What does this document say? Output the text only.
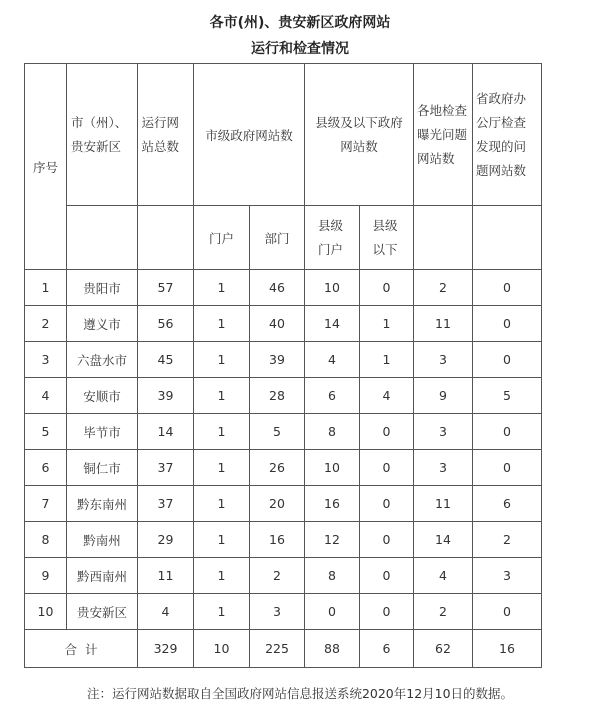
各市(州)、贵安新区政府网站
运行和检查情况
序号	市（州）、贵安新区	运行网站总数	市级政府网站数		县级及以下政府网站数		各地检查曝光问题网站数	省政府办公厅检查发现的问题网站数
			门户	部门	县级门户	县级以下		
1	贵阳市	57	1	46	10	0	2	0
2	遵义市	56	1	40	14	1	11	0
3	六盘水市	45	1	39	4	1	3	0
4	安顺市	39	1	28	6	4	9	5
5	毕节市	14	1	5	8	0	3	0
6	铜仁市	37	1	26	10	0	3	0
7	黔东南州	37	1	20	16	0	11	6
8	黔南州	29	1	16	12	0	14	2
9	黔西南州	11	1	2	8	0	4	3
10	贵安新区	4	1	3	0	0	2	0
合  计		329	10	225	88	6	62	16
注：运行网站数据取自全国政府网站信息报送系统2020年12月10日的数据。
